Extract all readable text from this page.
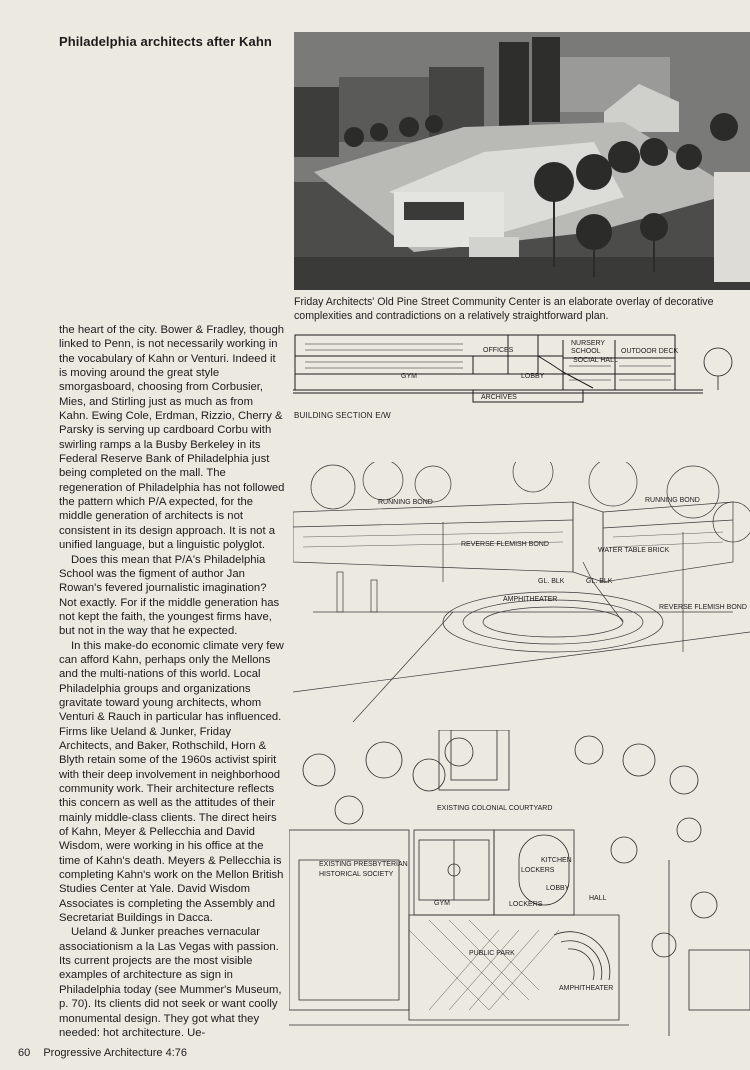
Philadelphia architects after Kahn
Friday Architects' Old Pine Street Community Center is an elaborate overlay of decorative complexities and contradictions on a relatively straightforward plan.

the heart of the city. Bower & Fradley, though linked to Penn, is not necessarily working in the vocabulary of Kahn or Venturi. Indeed it is moving around the great style smorgasboard, choosing from Corbusier, Mies, and Stirling just as much as from Kahn. Ewing Cole, Erdman, Rizzio, Cherry & Parsky is serving up cardboard Corbu with swirling ramps a la Busby Berkeley in its Federal Reserve Bank of Philadelphia just being completed on the mall. The regeneration of Philadelphia has not followed the pattern which P/A expected, for the middle generation of architects is not consistent in its design approach. It is not a unified language, but a linguistic polyglot.

Does this mean that P/A's Philadelphia School was the figment of author Jan Rowan's fevered journalistic imagination? Not exactly. For if the middle generation has not kept the faith, the youngest firms have, but not in the way that he expected.

In this make-do economic climate very few can afford Kahn, perhaps only the Mellons and the multi-nations of this world. Local Philadelphia groups and organizations gravitate toward young architects, whom Venturi & Rauch in particular has influenced. Firms like Ueland & Junker, Friday Architects, and Baker, Rothschild, Horn & Blyth retain some of the 1960s activist spirit with their deep involvement in neighborhood community work. Their architecture reflects this concern as well as the attitudes of their mainly middle-class clients. The direct heirs of Kahn, Meyer & Pellecchia and David Wisdom, were working in his office at the time of Kahn's death. Meyers & Pellecchia is completing Kahn's work on the Mellon British Studies Center at Yale. David Wisdom Associates is completing the Assembly and Secretariat Buildings in Dacca.

Ueland & Junker preaches vernacular associationism a la Las Vegas with passion. Its current projects are the most visible examples of architecture as sign in Philadelphia today (see Mummer's Museum, p. 70). Its clients did not seek or want coolly monumental design. They got what they needed: hot architecture. Ue-

OFFICES
NURSERY
SCHOOL	OUTDOOR DECK
SOCIAL HALL
GYM	LOBBY
ARCHIVES
BUILDING SECTION E/W
RUNNING BOND	RUNNING BOND
REVERSE FLEMISH BOND
WATER TABLE BRICK
GL. BLK	GL. BLK
AMPHITHEATER
REVERSE FLEMISH BOND
EXISTING COLONIAL COURTYARD
EXISTING PRESBYTERIAN
HISTORICAL SOCIETY
KITCHEN
LOCKERS
GYM
LOBBY
HALL
LOCKERS
PUBLIC PARK
AMPHITHEATER
60 Progressive Architecture 4:76
